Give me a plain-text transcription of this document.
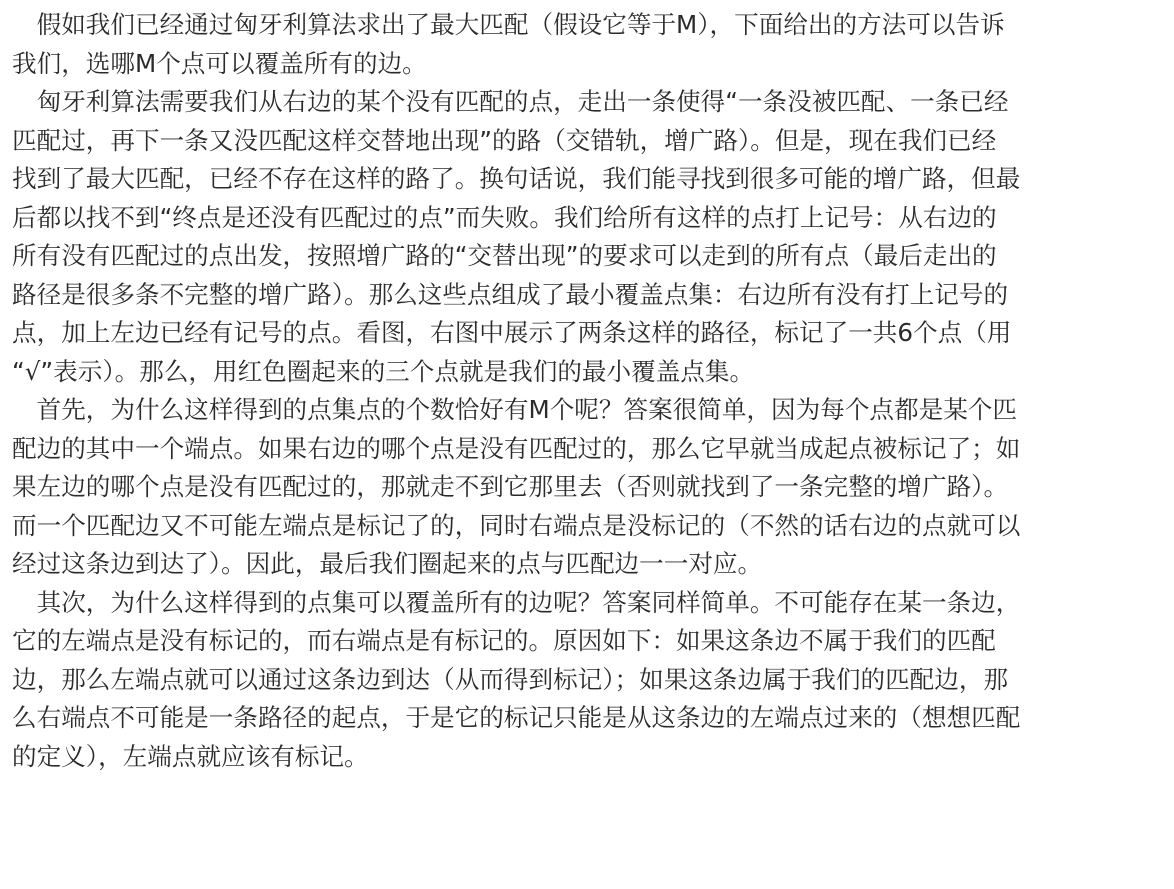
　假如我们已经通过匈牙利算法求出了最大匹配（假设它等于M），下面给出的方法可以告诉
我们，选哪M个点可以覆盖所有的边。
　匈牙利算法需要我们从右边的某个没有匹配的点，走出一条使得“一条没被匹配、一条已经
匹配过，再下一条又没匹配这样交替地出现”的路（交错轨，增广路）。但是，现在我们已经
找到了最大匹配，已经不存在这样的路了。换句话说，我们能寻找到很多可能的增广路，但最
后都以找不到“终点是还没有匹配过的点”而失败。我们给所有这样的点打上记号：从右边的
所有没有匹配过的点出发，按照增广路的“交替出现”的要求可以走到的所有点（最后走出的
路径是很多条不完整的增广路）。那么这些点组成了最小覆盖点集：右边所有没有打上记号的
点，加上左边已经有记号的点。看图，右图中展示了两条这样的路径，标记了一共6个点（用
“√”表示）。那么，用红色圈起来的三个点就是我们的最小覆盖点集。
　首先，为什么这样得到的点集点的个数恰好有M个呢？答案很简单，因为每个点都是某个匹
配边的其中一个端点。如果右边的哪个点是没有匹配过的，那么它早就当成起点被标记了；如
果左边的哪个点是没有匹配过的，那就走不到它那里去（否则就找到了一条完整的增广路）。
而一个匹配边又不可能左端点是标记了的，同时右端点是没标记的（不然的话右边的点就可以
经过这条边到达了）。因此，最后我们圈起来的点与匹配边一一对应。
　其次，为什么这样得到的点集可以覆盖所有的边呢？答案同样简单。不可能存在某一条边，
它的左端点是没有标记的，而右端点是有标记的。原因如下：如果这条边不属于我们的匹配
边，那么左端点就可以通过这条边到达（从而得到标记）；如果这条边属于我们的匹配边，那
么右端点不可能是一条路径的起点，于是它的标记只能是从这条边的左端点过来的（想想匹配
的定义），左端点就应该有标记。
